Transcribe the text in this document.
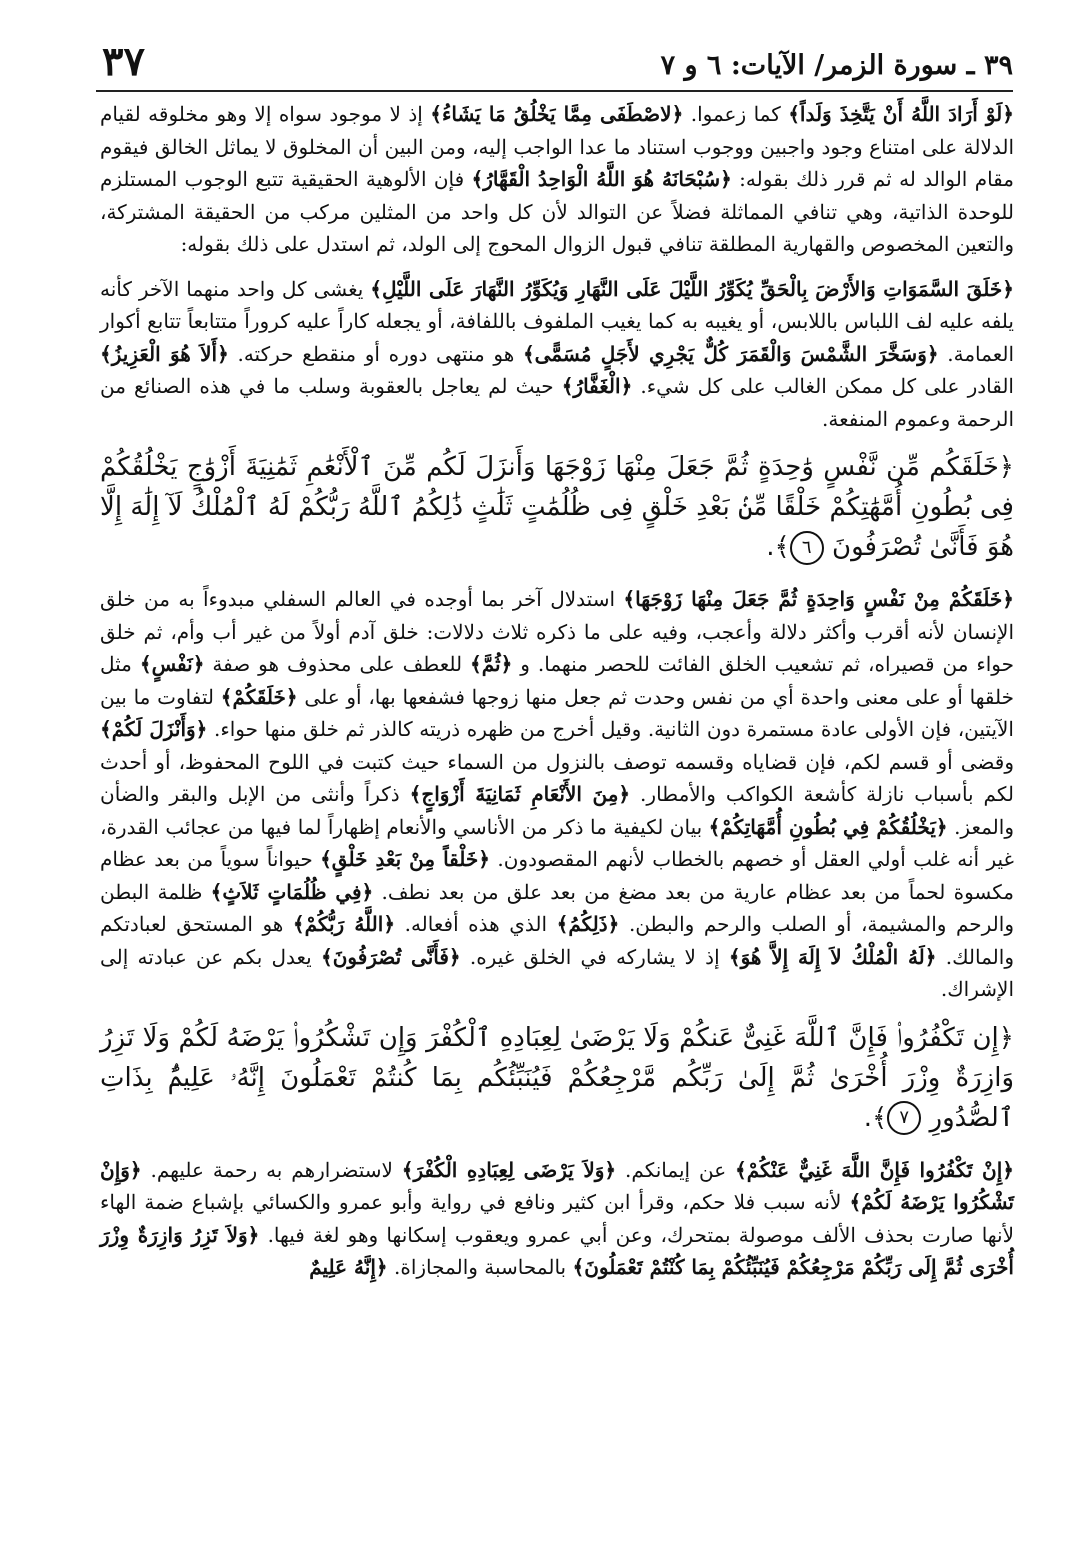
٣٩ ـ سورة الزمر/ الآيات: ٦ و ٧
٣٧

﴿لَوْ أَرَادَ اللَّهُ أَنْ يَتَّخِذَ وَلَداً﴾ كما زعموا. ﴿لاصْطَفَى مِمَّا يَخْلُقُ مَا يَشَاءُ﴾ إذ لا موجود سواه إلا وهو مخلوقه لقيام الدلالة على امتناع وجود واجبين ووجوب استناد ما عدا الواجب إليه، ومن البين أن المخلوق لا يماثل الخالق فيقوم مقام الوالد له ثم قرر ذلك بقوله: ﴿سُبْحَانَهُ هُوَ اللَّهُ الْوَاحِدُ الْقَهَّارُ﴾ فإن الألوهية الحقيقية تتبع الوجوب المستلزم للوحدة الذاتية، وهي تنافي المماثلة فضلاً عن التوالد لأن كل واحد من المثلين مركب من الحقيقة المشتركة، والتعين المخصوص والقهارية المطلقة تنافي قبول الزوال المحوج إلى الولد، ثم استدل على ذلك بقوله:

﴿خَلَقَ السَّمَوَاتِ وَالأَرْضَ بِالْحَقِّ يُكَوِّرُ اللَّيْلَ عَلَى النَّهَارِ وَيُكَوِّرُ النَّهَارَ عَلَى اللَّيْلِ﴾ يغشى كل واحد منهما الآخر كأنه يلفه عليه لف اللباس باللابس، أو يغيبه به كما يغيب الملفوف باللفافة، أو يجعله كاراً عليه كروراً متتابعاً تتابع أكوار العمامة. ﴿وَسَخَّرَ الشَّمْسَ وَالْقَمَرَ كُلٌّ يَجْرِي لأَجَلٍ مُسَمًّى﴾ هو منتهى دوره أو منقطع حركته. ﴿أَلاَ هُوَ الْعَزِيزُ﴾ القادر على كل ممكن الغالب على كل شيء. ﴿الْغَفَّارُ﴾ حيث لم يعاجل بالعقوبة وسلب ما في هذه الصنائع من الرحمة وعموم المنفعة.

﴿خَلَقَكُم مِّن نَّفْسٍ وَٰحِدَةٍ ثُمَّ جَعَلَ مِنْهَا زَوْجَهَا وَأَنزَلَ لَكُم مِّنَ ٱلْأَنْعَٰمِ ثَمَٰنِيَةَ أَزْوَٰجٍ يَخْلُقُكُمْ فِى بُطُونِ أُمَّهَٰتِكُمْ خَلْقًا مِّنۢ بَعْدِ خَلْقٍ فِى ظُلُمَٰتٍ ثَلَٰثٍ ذَٰلِكُمُ ٱللَّهُ رَبُّكُمْ لَهُ ٱلْمُلْكُ لَآ إِلَٰهَ إِلَّا هُوَ فَأَنَّىٰ تُصْرَفُونَ ٦﴾.

﴿خَلَقَكُمْ مِنْ نَفْسٍ وَاحِدَةٍ ثُمَّ جَعَلَ مِنْهَا زَوْجَهَا﴾ استدلال آخر بما أوجده في العالم السفلي مبدوءاً به من خلق الإنسان لأنه أقرب وأكثر دلالة وأعجب، وفيه على ما ذكره ثلاث دلالات: خلق آدم أولاً من غير أب وأم، ثم خلق حواء من قصيراه، ثم تشعيب الخلق الفائت للحصر منهما. و ﴿ثُمَّ﴾ للعطف على محذوف هو صفة ﴿نَفْسٍ﴾ مثل خلقها أو على معنى واحدة أي من نفس وحدت ثم جعل منها زوجها فشفعها بها، أو على ﴿خَلَقَكُمْ﴾ لتفاوت ما بين الآيتين، فإن الأولى عادة مستمرة دون الثانية. وقيل أخرج من ظهره ذريته كالذر ثم خلق منها حواء. ﴿وَأَنْزَلَ لَكُمْ﴾ وقضى أو قسم لكم، فإن قضاياه وقسمه توصف بالنزول من السماء حيث كتبت في اللوح المحفوظ، أو أحدث لكم بأسباب نازلة كأشعة الكواكب والأمطار. ﴿مِنَ الأَنْعَامِ ثَمَانِيَةَ أَزْوَاجٍ﴾ ذكراً وأنثى من الإبل والبقر والضأن والمعز. ﴿يَخْلُقُكُمْ فِي بُطُونِ أُمَّهَاتِكُمْ﴾ بيان لكيفية ما ذكر من الأناسي والأنعام إظهاراً لما فيها من عجائب القدرة، غير أنه غلب أولي العقل أو خصهم بالخطاب لأنهم المقصودون. ﴿خَلْقاً مِنْ بَعْدِ خَلْقٍ﴾ حيواناً سوياً من بعد عظام مكسوة لحماً من بعد عظام عارية من بعد مضغ من بعد علق من بعد نطف. ﴿فِي ظُلُمَاتٍ ثَلاَثٍ﴾ ظلمة البطن والرحم والمشيمة، أو الصلب والرحم والبطن. ﴿ذَلِكُمُ﴾ الذي هذه أفعاله. ﴿اللَّهُ رَبُّكُمْ﴾ هو المستحق لعبادتكم والمالك. ﴿لَهُ الْمُلْكُ لاَ إِلَهَ إِلاَّ هُوَ﴾ إذ لا يشاركه في الخلق غيره. ﴿فَأَنَّى تُصْرَفُونَ﴾ يعدل بكم عن عبادته إلى الإشراك.

﴿إِن تَكْفُرُوا۟ فَإِنَّ ٱللَّهَ غَنِىٌّ عَنكُمْ وَلَا يَرْضَىٰ لِعِبَادِهِ ٱلْكُفْرَ وَإِن تَشْكُرُوا۟ يَرْضَهُ لَكُمْ وَلَا تَزِرُ وَازِرَةٌ وِزْرَ أُخْرَىٰ ثُمَّ إِلَىٰ رَبِّكُم مَّرْجِعُكُمْ فَيُنَبِّئُكُم بِمَا كُنتُمْ تَعْمَلُونَ إِنَّهُۥ عَلِيمٌۢ بِذَاتِ ٱلصُّدُورِ ٧﴾.

﴿إِنْ تَكْفُرُوا فَإِنَّ اللَّهَ غَنِيٌّ عَنْكُمْ﴾ عن إيمانكم. ﴿وَلاَ يَرْضَى لِعِبَادِهِ الْكُفْرَ﴾ لاستضرارهم به رحمة عليهم. ﴿وَإِنْ تَشْكُرُوا يَرْضَهُ لَكُمْ﴾ لأنه سبب فلا حكم، وقرأ ابن كثير ونافع في رواية وأبو عمرو والكسائي بإشباع ضمة الهاء لأنها صارت بحذف الألف موصولة بمتحرك، وعن أبي عمرو ويعقوب إسكانها وهو لغة فيها. ﴿وَلاَ تَزِرُ وَازِرَةٌ وِزْرَ أُخْرَى ثُمَّ إِلَى رَبِّكُمْ مَرْجِعُكُمْ فَيُنَبِّئُكُمْ بِمَا كُنْتُمْ تَعْمَلُونَ﴾ بالمحاسبة والمجازاة. ﴿إِنَّهُ عَلِيمٌ
